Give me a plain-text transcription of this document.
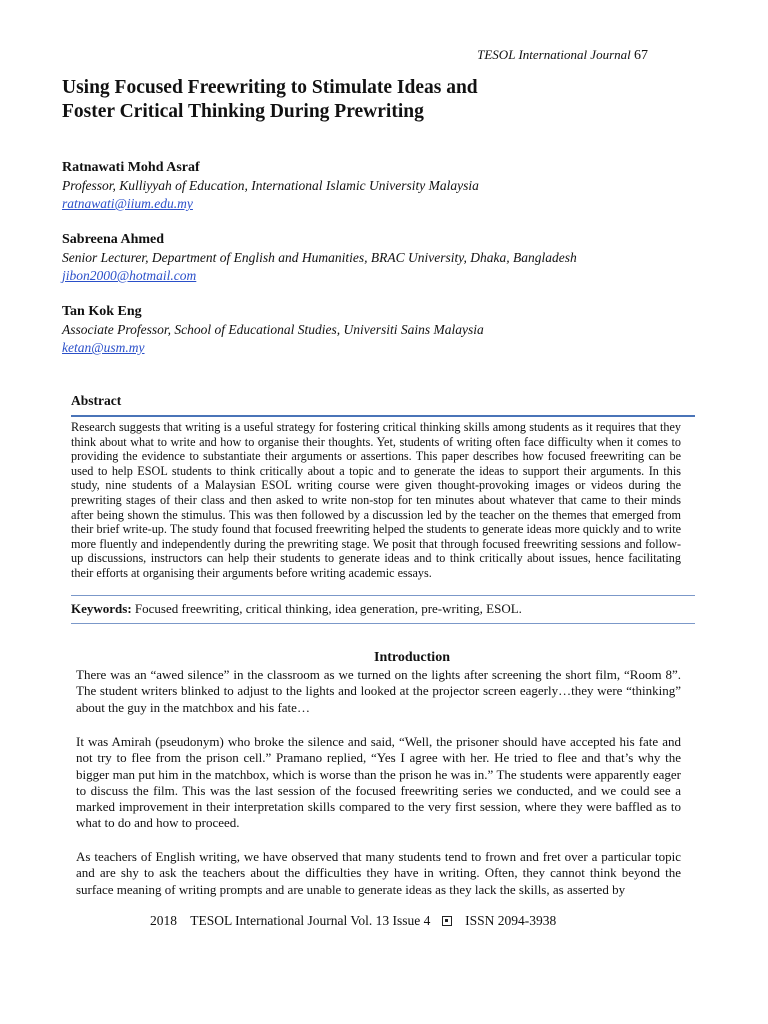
TESOL International Journal 67
Using Focused Freewriting to Stimulate Ideas and
Foster Critical Thinking During Prewriting
Ratnawati Mohd Asraf
Professor, Kulliyyah of Education, International Islamic University Malaysia
ratnawati@iium.edu.my
Sabreena Ahmed
Senior Lecturer, Department of English and Humanities, BRAC University, Dhaka, Bangladesh
jibon2000@hotmail.com
Tan Kok Eng
Associate Professor, School of Educational Studies, Universiti Sains Malaysia
ketan@usm.my
Abstract

Research suggests that writing is a useful strategy for fostering critical thinking skills among students as it requires that they think about what to write and how to organise their thoughts. Yet, students of writing often face difficulty when it comes to providing the evidence to substantiate their arguments or assertions. This paper describes how focused freewriting can be used to help ESOL students to think critically about a topic and to generate the ideas to support their arguments. In this study, nine students of a Malaysian ESOL writing course were given thought-provoking images or videos during the prewriting stages of their class and then asked to write non-stop for ten minutes about whatever that came to their minds after being shown the stimulus. This was then followed by a discussion led by the teacher on the themes that emerged from their brief write-up. The study found that focused freewriting helped the students to generate ideas more quickly and to write more fluently and independently during the prewriting stage. We posit that through focused freewriting sessions and follow-up discussions, instructors can help their students to generate ideas and to think critically about issues, hence facilitating their efforts at organising their arguments before writing academic essays.

Keywords: Focused freewriting, critical thinking, idea generation, pre-writing, ESOL.
Introduction

There was an “awed silence” in the classroom as we turned on the lights after screening the short film, “Room 8”. The student writers blinked to adjust to the lights and looked at the projector screen eagerly…they were “thinking” about the guy in the matchbox and his fate…

It was Amirah (pseudonym) who broke the silence and said, “Well, the prisoner should have accepted his fate and not try to flee from the prison cell.” Pramano replied, “Yes I agree with her. He tried to flee and that’s why the bigger man put him in the matchbox, which is worse than the prison he was in.” The students were apparently eager to discuss the film. This was the last session of the focused freewriting series we conducted, and we could see a marked improvement in their interpretation skills compared to the very first session, where they were baffled as to what to do and how to proceed.

As teachers of English writing, we have observed that many students tend to frown and fret over a particular topic and are shy to ask the teachers about the difficulties they have in writing. Often, they cannot think beyond the surface meaning of writing prompts and are unable to generate ideas as they lack the skills, as asserted by

2018 TESOL International Journal Vol. 13 Issue 4	ISSN 2094-3938
